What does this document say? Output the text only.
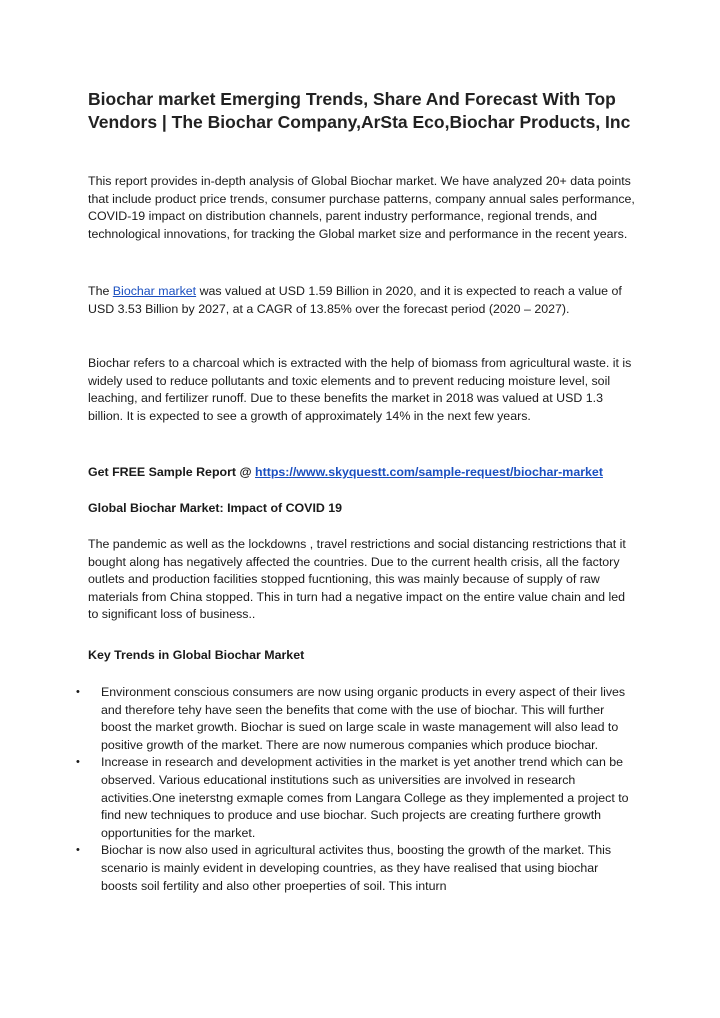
Biochar market Emerging Trends, Share And Forecast With Top Vendors | The Biochar Company,ArSta Eco,Biochar Products, Inc

This report provides in-depth analysis of Global Biochar market. We have analyzed 20+ data points that include product price trends, consumer purchase patterns, company annual sales performance, COVID-19 impact on distribution channels, parent industry performance, regional trends, and technological innovations, for tracking the Global market size and performance in the recent years.

The Biochar market was valued at USD 1.59 Billion in 2020, and it is expected to reach a value of USD 3.53 Billion by 2027, at a CAGR of 13.85% over the forecast period (2020 – 2027).

Biochar refers to a charcoal which is extracted with the help of biomass from agricultural waste. it is widely used to reduce pollutants and toxic elements and to prevent reducing moisture level, soil leaching, and fertilizer runoff. Due to these benefits the market in 2018 was valued at USD 1.3 billion. It is expected to see a growth of approximately 14% in the next few years.

Get FREE Sample Report @ https://www.skyquestt.com/sample-request/biochar-market

Global Biochar Market: Impact of COVID 19

The pandemic as well as the lockdowns , travel restrictions and social distancing restrictions that it bought along has negatively affected the countries. Due to the current health crisis, all the factory outlets and production facilities stopped fucntioning, this was mainly because of supply of raw materials from China stopped. This in turn had a negative impact on the entire value chain and led to significant loss of business..

Key Trends in Global Biochar Market

• Environment conscious consumers are now using organic products in every aspect of their lives and therefore tehy have seen the benefits that come with the use of biochar. This will further boost the market growth. Biochar is sued on large scale in waste management will also lead to positive growth of the market. There are now numerous companies which produce biochar.
• Increase in research and development activities in the market is yet another trend which can be observed. Various educational institutions such as universities are involved in research activities.One ineterstng exmaple comes from Langara College as they implemented a project to find new techniques to produce and use biochar. Such projects are creating furthere growth opportunities for the market.
• Biochar is now also used in agricultural activites thus, boosting the growth of the market. This scenario is mainly evident in developing countries, as they have realised that using biochar boosts soil fertility and also other proeperties of soil. This inturn
